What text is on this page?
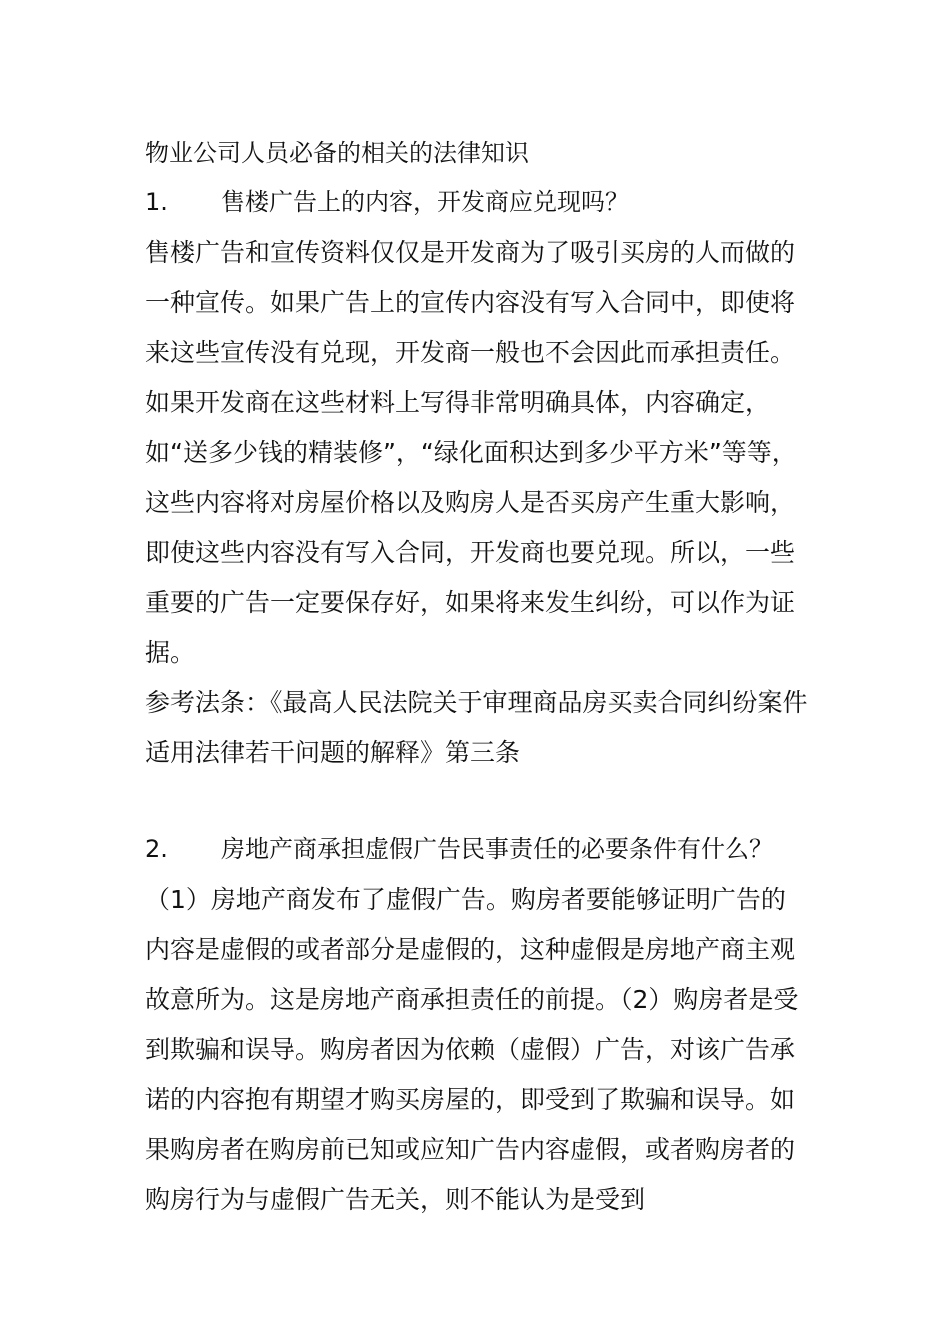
物业公司人员必备的相关的法律知识
1. 售楼广告上的内容，开发商应兑现吗？

售楼广告和宣传资料仅仅是开发商为了吸引买房的人而做的一种宣传。如果广告上的宣传内容没有写入合同中，即使将来这些宣传没有兑现，开发商一般也不会因此而承担责任。如果开发商在这些材料上写得非常明确具体，内容确定，如“送多少钱的精装修”，“绿化面积达到多少平方米”等等，这些内容将对房屋价格以及购房人是否买房产生重大影响，即使这些内容没有写入合同，开发商也要兑现。所以，一些重要的广告一定要保存好，如果将来发生纠纷，可以作为证据。

参考法条：《最高人民法院关于审理商品房买卖合同纠纷案件适用法律若干问题的解释》第三条

2. 房地产商承担虚假广告民事责任的必要条件有什么？

（1）房地产商发布了虚假广告。购房者要能够证明广告的内容是虚假的或者部分是虚假的，这种虚假是房地产商主观故意所为。这是房地产商承担责任的前提。（2）购房者是受到欺骗和误导。购房者因为依赖（虚假）广告，对该广告承诺的内容抱有期望才购买房屋的，即受到了欺骗和误导。如果购房者在购房前已知或应知广告内容虚假，或者购房者的购房行为与虚假广告无关，则不能认为是受到
